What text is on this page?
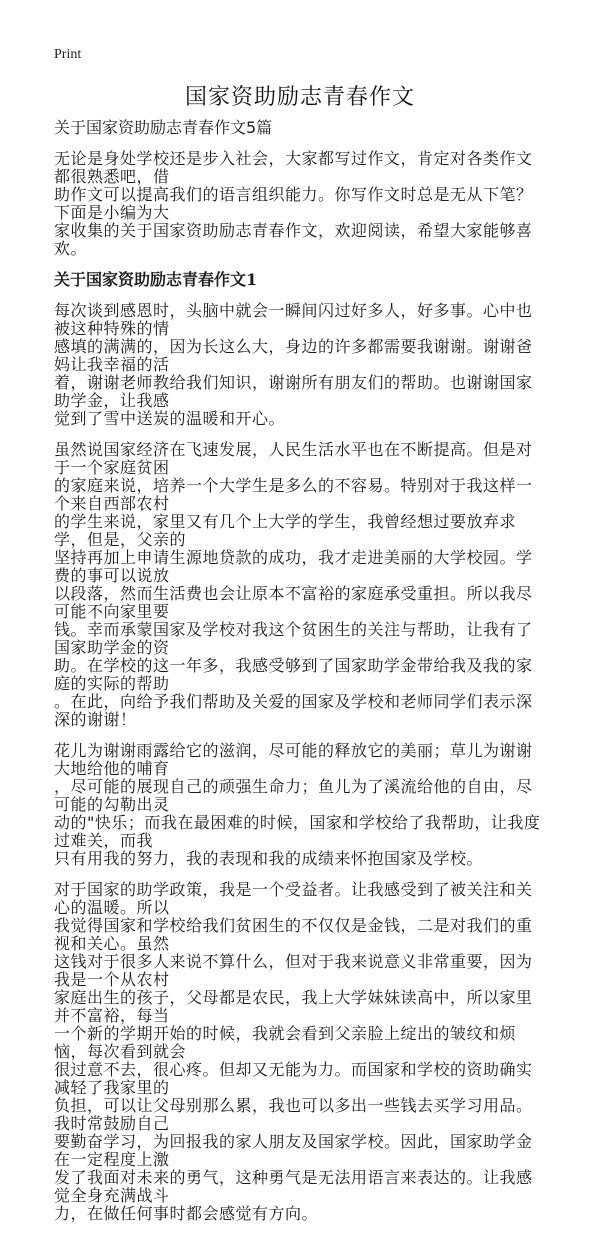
Print
国家资助励志青春作文
关于国家资助励志青春作文5篇
无论是身处学校还是步入社会，大家都写过作文，肯定对各类作文都很熟悉吧，借
助作文可以提高我们的语言组织能力。你写作文时总是无从下笔？下面是小编为大
家收集的关于国家资助励志青春作文，欢迎阅读，希望大家能够喜欢。
关于国家资助励志青春作文1
每次谈到感恩时，头脑中就会一瞬间闪过好多人，好多事。心中也被这种特殊的情
感填的满满的，因为长这么大，身边的许多都需要我谢谢。谢谢爸妈让我幸福的活
着，谢谢老师教给我们知识，谢谢所有朋友们的帮助。也谢谢国家助学金，让我感
觉到了雪中送炭的温暖和开心。
虽然说国家经济在飞速发展，人民生活水平也在不断提高。但是对于一个家庭贫困
的家庭来说，培养一个大学生是多么的不容易。特别对于我这样一个来自西部农村
的学生来说，家里又有几个上大学的学生，我曾经想过要放弃求学，但是，父亲的
坚持再加上申请生源地贷款的成功，我才走进美丽的大学校园。学费的事可以说放
以段落，然而生活费也会让原本不富裕的家庭承受重担。所以我尽可能不向家里要
钱。幸而承蒙国家及学校对我这个贫困生的关注与帮助，让我有了国家助学金的资
助。在学校的这一年多，我感受够到了国家助学金带给我及我的家庭的实际的帮助
。在此，向给予我们帮助及关爱的国家及学校和老师同学们表示深深的谢谢！
花儿为谢谢雨露给它的滋润，尽可能的释放它的美丽；草儿为谢谢大地给他的哺育
，尽可能的展现自己的顽强生命力；鱼儿为了溪流给他的自由，尽可能的勾勒出灵
动的"快乐；而我在最困难的时候，国家和学校给了我帮助，让我度过难关，而我
只有用我的努力，我的表现和我的成绩来怀抱国家及学校。
对于国家的助学政策，我是一个受益者。让我感受到了被关注和关心的温暖。所以
我觉得国家和学校给我们贫困生的不仅仅是金钱，二是对我们的重视和关心。虽然
这钱对于很多人来说不算什么，但对于我来说意义非常重要，因为我是一个从农村
家庭出生的孩子，父母都是农民，我上大学妹妹读高中，所以家里并不富裕，每当
一个新的学期开始的时候，我就会看到父亲脸上绽出的皱纹和烦恼，每次看到就会
很过意不去，很心疼。但却又无能为力。而国家和学校的资助确实减轻了我家里的
负担，可以让父母别那么累，我也可以多出一些钱去买学习用品。我时常鼓励自己
要勤奋学习，为回报我的家人朋友及国家学校。因此，国家助学金在一定程度上激
发了我面对未来的勇气，这种勇气是无法用语言来表达的。让我感觉全身充满战斗
力，在做任何事时都会感觉有方向。
